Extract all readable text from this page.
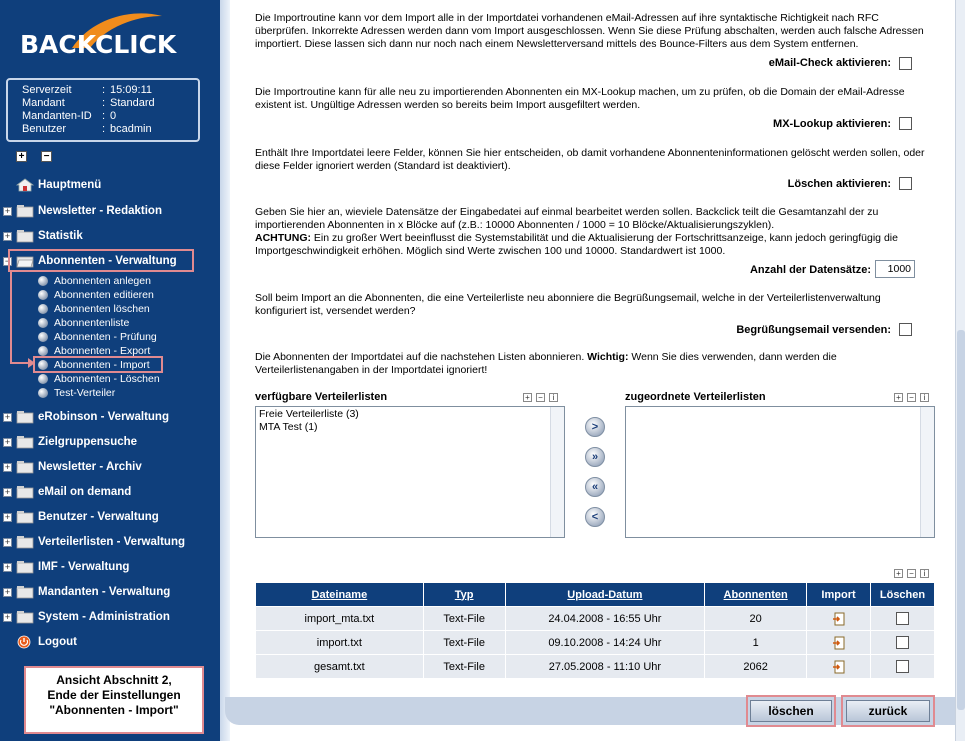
BACKCLICK
Serverzeit	: 15:09:11
Mandant	: Standard
Mandanten-ID : 0
Benutzer	: bcadmin
+ −
Hauptmenü
+ Newsletter - Redaktion
+ Statistik
− Abonnenten - Verwaltung
Abonnenten anlegen
Abonnenten editieren
Abonnenten löschen
Abonnentenliste
Abonnenten - Prüfung
Abonnenten - Export
Abonnenten - Import
Abonnenten - Löschen
Test-Verteiler
+ eRobinson - Verwaltung
+ Zielgruppensuche
+ Newsletter - Archiv
+ eMail on demand
+ Benutzer - Verwaltung
+ Verteilerlisten - Verwaltung
+ IMF - Verwaltung
+ Mandanten - Verwaltung
+ System - Administration
Logout
Ansicht Abschnitt 2,
Ende der Einstellungen
"Abonnenten - Import"
Die Importroutine kann vor dem Import alle in der Importdatei vorhandenen eMail-Adressen auf ihre syntaktische Richtigkeit nach RFC überprüfen. Inkorrekte Adressen werden dann vom Import ausgeschlossen. Wenn Sie diese Prüfung abschalten, werden auch falsche Adressen importiert. Diese lassen sich dann nur noch nach einem Newsletterversand mittels des Bounce-Filters aus dem System entfernen.
eMail-Check aktivieren:
Die Importroutine kann für alle neu zu importierenden Abonnenten ein MX-Lookup machen, um zu prüfen, ob die Domain der eMail-Adresse existent ist. Ungültige Adressen werden so bereits beim Import ausgefiltert werden.
MX-Lookup aktivieren:
Enthält Ihre Importdatei leere Felder, können Sie hier entscheiden, ob damit vorhandene Abonnenteninformationen gelöscht werden sollen, oder diese Felder ignoriert werden (Standard ist deaktiviert).
Löschen aktivieren:
Geben Sie hier an, wieviele Datensätze der Eingabedatei auf einmal bearbeitet werden sollen. Backclick teilt die Gesamtanzahl der zu importierenden Abonnenten in x Blöcke auf (z.B.: 10000 Abonnenten / 1000 = 10 Blöcke/Aktualisierungszyklen).
ACHTUNG: Ein zu großer Wert beeinflusst die Systemstabilität und die Aktualisierung der Fortschrittsanzeige, kann jedoch geringfügig die Importgeschwindigkeit erhöhen. Möglich sind Werte zwischen 100 und 10000. Standardwert ist 1000.
Anzahl der Datensätze:
1000
Soll beim Import an die Abonnenten, die eine Verteilerliste neu abonniere die Begrüßungsemail, welche in der Verteilerlistenverwaltung konfiguriert ist, versendet werden?
Begrüßungsemail versenden:
Die Abonnenten der Importdatei auf die nachstehen Listen abonnieren. Wichtig: Wenn Sie dies verwenden, dann werden die Verteilerlistenangaben in der Importdatei ignoriert!
verfügbare Verteilerlisten	+ −	i
Freie Verteilerliste (3)
MTA Test (1)	>
»
«
<
zugeordnete Verteilerlisten	+ −	i
+ −	i
Dateiname	Typ	Upload-Datum	Abonnenten	Import	Löschen
import_mta.txt	Text-File	24.04.2008 - 16:55 Uhr	20		
import.txt	Text-File	09.10.2008 - 14:24 Uhr	1		
gesamt.txt	Text-File	27.05.2008 - 11:10 Uhr	2062		
löschen	zurück
